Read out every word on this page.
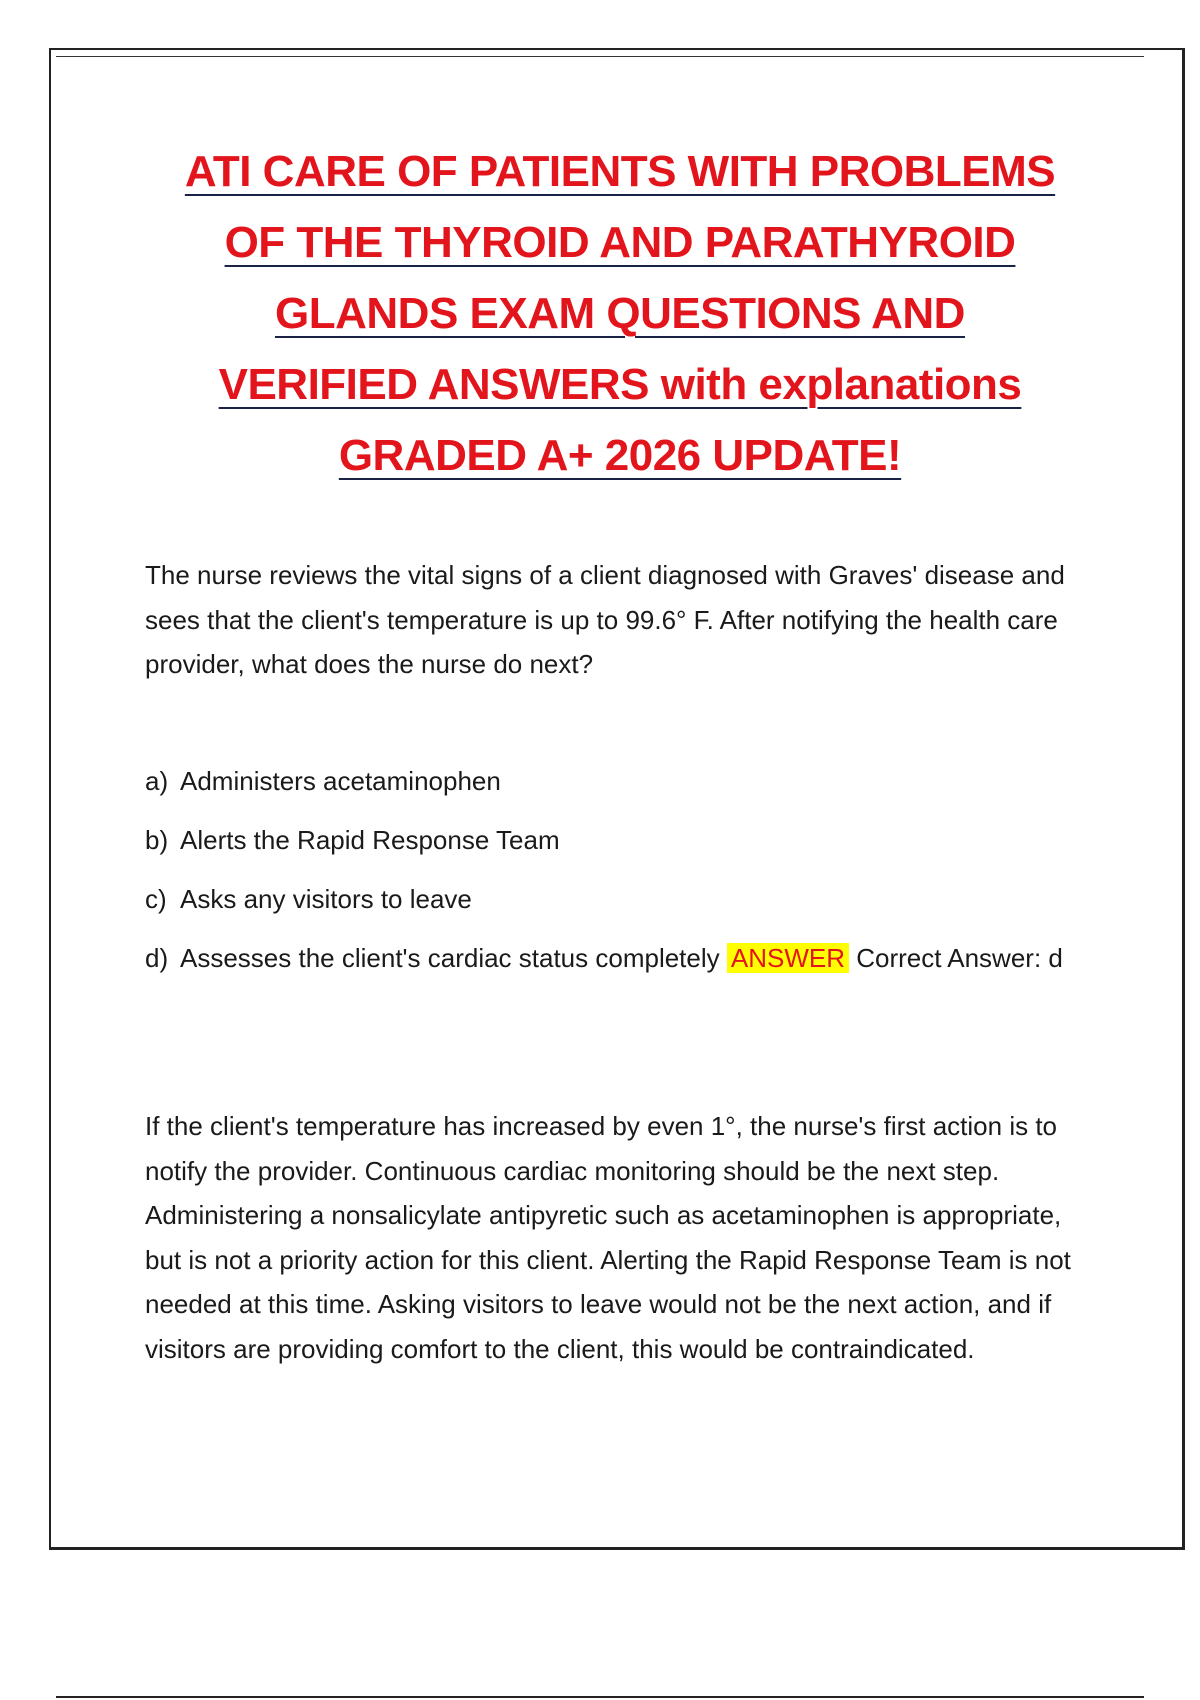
ATI CARE OF PATIENTS WITH PROBLEMS
OF THE THYROID AND PARATHYROID
GLANDS EXAM QUESTIONS AND
VERIFIED ANSWERS with explanations
GRADED A+ 2026 UPDATE!
The nurse reviews the vital signs of a client diagnosed with Graves' disease and sees that the client's temperature is up to 99.6° F. After notifying the health care provider, what does the nurse do next?
a) Administers acetaminophen
b) Alerts the Rapid Response Team
c) Asks any visitors to leave
d) Assesses the client's cardiac status completely ANSWER Correct Answer: d
If the client's temperature has increased by even 1°, the nurse's first action is to notify the provider. Continuous cardiac monitoring should be the next step. Administering a nonsalicylate antipyretic such as acetaminophen is appropriate, but is not a priority action for this client. Alerting the Rapid Response Team is not needed at this time. Asking visitors to leave would not be the next action, and if visitors are providing comfort to the client, this would be contraindicated.
